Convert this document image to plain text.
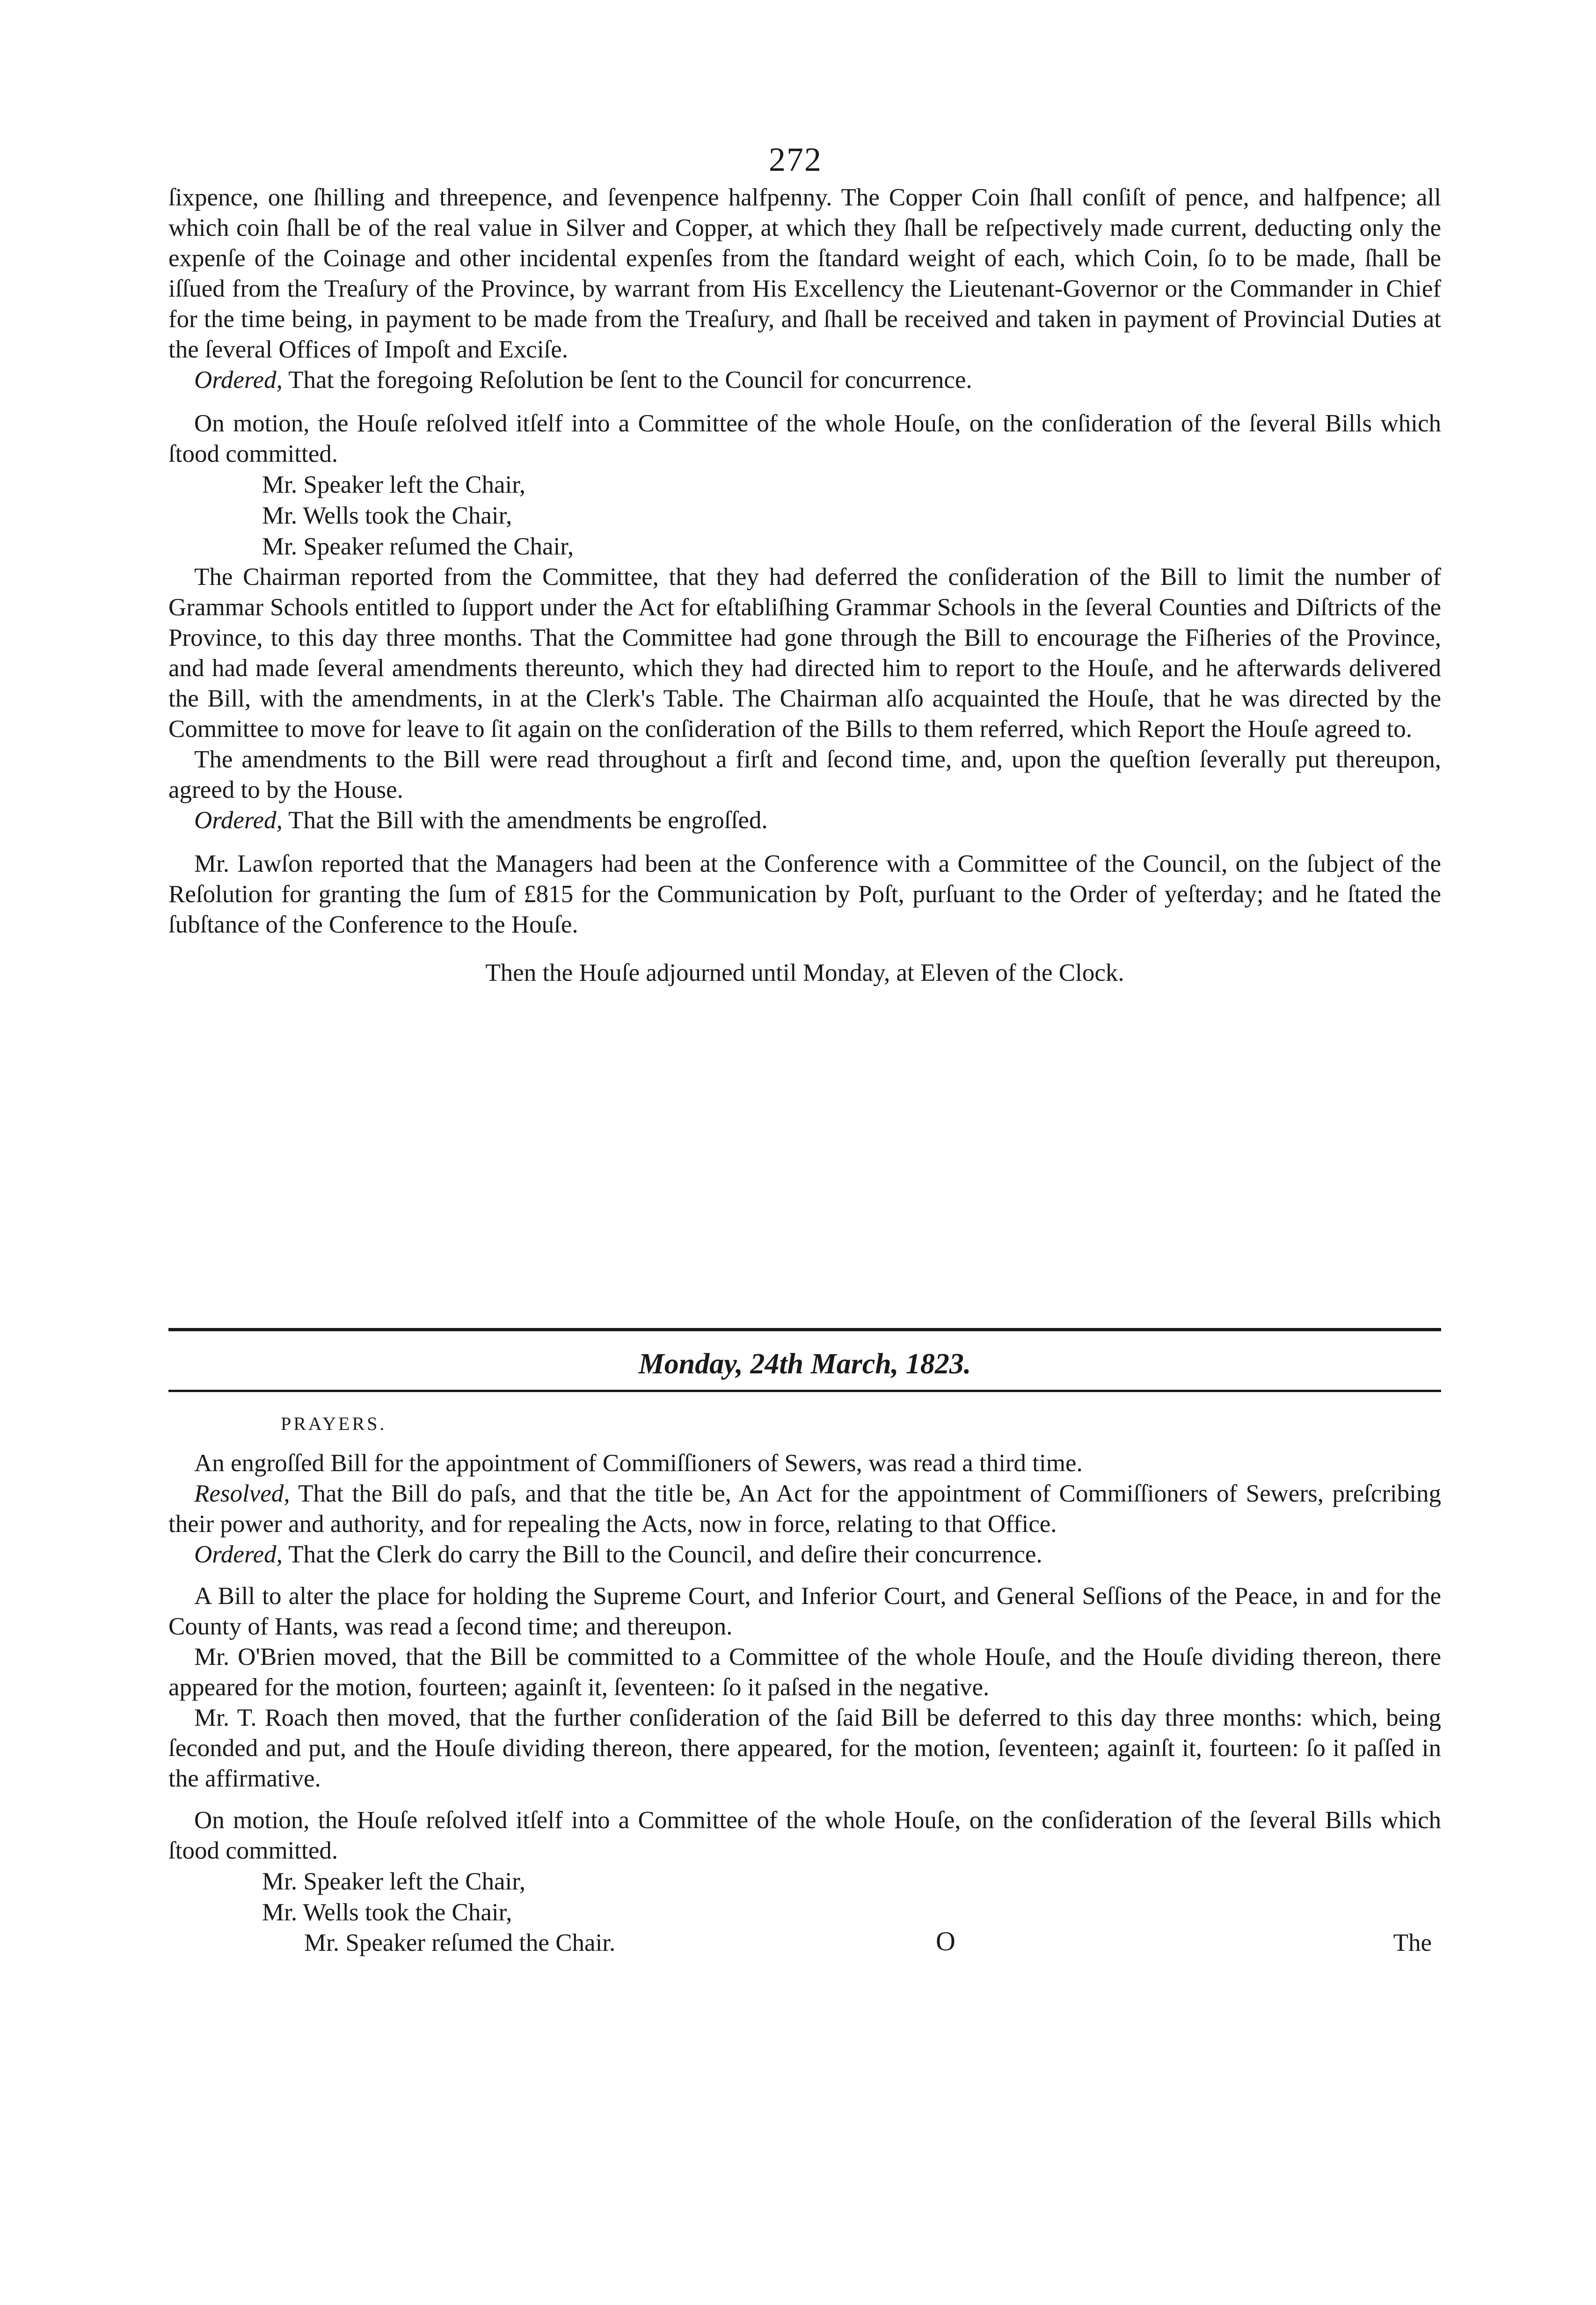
272

ſixpence, one ſhilling and threepence, and ſevenpence halfpenny. The Copper Coin ſhall conſiſt of pence, and halfpence; all which coin ſhall be of the real value in Silver and Copper, at which they ſhall be reſpectively made current, deducting only the expenſe of the Coinage and other incidental expenſes from the ſtandard weight of each, which Coin, ſo to be made, ſhall be iſſued from the Treaſury of the Province, by warrant from His Excellency the Lieutenant-Governor or the Commander in Chief for the time being, in payment to be made from the Treaſury, and ſhall be received and taken in payment of Provincial Duties at the ſeveral Offices of Impoſt and Exciſe.

Ordered, That the foregoing Reſolution be ſent to the Council for concurrence.

On motion, the Houſe reſolved itſelf into a Committee of the whole Houſe, on the conſideration of the ſeveral Bills which ſtood committed.

Mr. Speaker left the Chair,
Mr. Wells took the Chair,
Mr. Speaker reſumed the Chair,

The Chairman reported from the Committee, that they had deferred the conſideration of the Bill to limit the number of Grammar Schools entitled to ſupport under the Act for eſtabliſhing Grammar Schools in the ſeveral Counties and Diſtricts of the Province, to this day three months. That the Committee had gone through the Bill to encourage the Fiſheries of the Province, and had made ſeveral amendments thereunto, which they had directed him to report to the Houſe, and he afterwards delivered the Bill, with the amendments, in at the Clerk's Table. The Chairman alſo acquainted the Houſe, that he was directed by the Committee to move for leave to ſit again on the conſideration of the Bills to them referred, which Report the Houſe agreed to.

The amendments to the Bill were read throughout a firſt and ſecond time, and, upon the queſtion ſeverally put thereupon, agreed to by the House.

Ordered, That the Bill with the amendments be engroſſed.

Mr. Lawſon reported that the Managers had been at the Conference with a Committee of the Council, on the ſubject of the Reſolution for granting the ſum of £815 for the Communication by Poſt, purſuant to the Order of yeſterday; and he ſtated the ſubſtance of the Conference to the Houſe.

Then the Houſe adjourned until Monday, at Eleven of the Clock.

Monday, 24th March, 1823.

PRAYERS.

An engroſſed Bill for the appointment of Commiſſioners of Sewers, was read a third time.

Resolved, That the Bill do paſs, and that the title be, An Act for the appointment of Commiſſioners of Sewers, preſcribing their power and authority, and for repealing the Acts, now in force, relating to that Office.

Ordered, That the Clerk do carry the Bill to the Council, and deſire their concurrence.

A Bill to alter the place for holding the Supreme Court, and Inferior Court, and General Seſſions of the Peace, in and for the County of Hants, was read a ſecond time; and thereupon.

Mr. O'Brien moved, that the Bill be committed to a Committee of the whole Houſe, and the Houſe dividing thereon, there appeared for the motion, fourteen; againſt it, ſeventeen: ſo it paſsed in the negative.

Mr. T. Roach then moved, that the further conſideration of the ſaid Bill be deferred to this day three months: which, being ſeconded and put, and the Houſe dividing thereon, there appeared, for the motion, ſeventeen; againſt it, fourteen: ſo it paſſed in the affirmative.

On motion, the Houſe reſolved itſelf into a Committee of the whole Houſe, on the conſideration of the ſeveral Bills which ſtood committed.

Mr. Speaker left the Chair,
Mr. Wells took the Chair,
Mr. Speaker reſumed the Chair.	O	The
